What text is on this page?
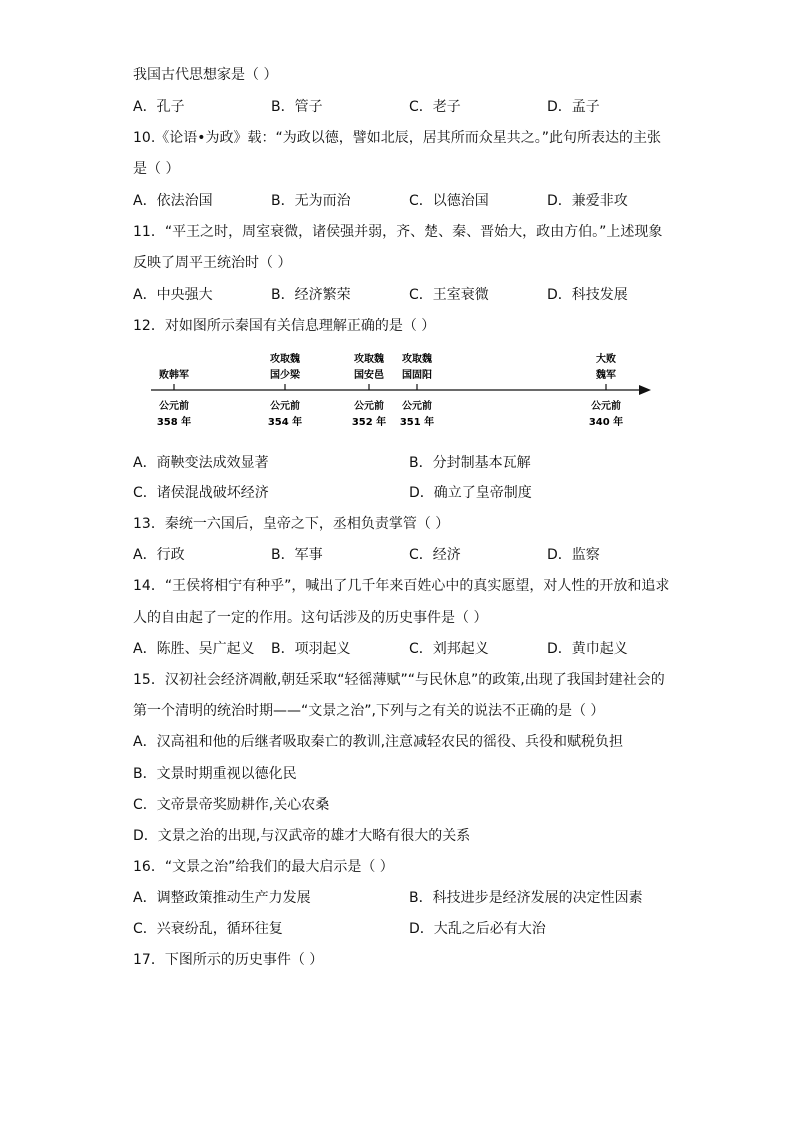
我国古代思想家是（ ）
A．孔子	B．管子	C．老子	D．孟子
10.《论语•为政》载：“为政以德，譬如北辰，居其所而众星共之。”此句所表达的主张
是（ ）
A．依法治国	B．无为而治	C．以德治国	D．兼爱非攻
11．“平王之时，周室衰微，诸侯强并弱，齐、楚、秦、晋始大，政由方伯。”上述现象
反映了周平王统治时（ ）
A．中央强大	B．经济繁荣	C．王室衰微	D．科技发展
12．对如图所示秦国有关信息理解正确的是（ ）
败韩军
公元前
358 年
攻取魏
国少梁
公元前
354 年
攻取魏
国安邑
公元前
352 年
攻取魏
国固阳
公元前
351 年
大败
魏军
公元前
340 年
A．商鞅变法成效显著	B．分封制基本瓦解
C．诸侯混战破坏经济	D．确立了皇帝制度
13．秦统一六国后，皇帝之下，丞相负责掌管（ ）
A．行政	B．军事	C．经济	D．监察
14．“王侯将相宁有种乎”，喊出了几千年来百姓心中的真实愿望，对人性的开放和追求
人的自由起了一定的作用。这句话涉及的历史事件是（ ）
A．陈胜、吴广起义 B．项羽起义	C．刘邦起义	D．黄巾起义
15．汉初社会经济凋敝,朝廷采取“轻徭薄赋”“与民休息”的政策,出现了我国封建社会的
第一个清明的统治时期——“文景之治”,下列与之有关的说法不正确的是（ ）
A．汉高祖和他的后继者吸取秦亡的教训,注意减轻农民的徭役、兵役和赋税负担
B．文景时期重视以德化民
C．文帝景帝奖励耕作,关心农桑
D．文景之治的出现,与汉武帝的雄才大略有很大的关系
16．“文景之治”给我们的最大启示是（ ）
A．调整政策推动生产力发展	B．科技进步是经济发展的决定性因素
C．兴衰纷乱，循环往复	D．大乱之后必有大治
17．下图所示的历史事件（ ）
